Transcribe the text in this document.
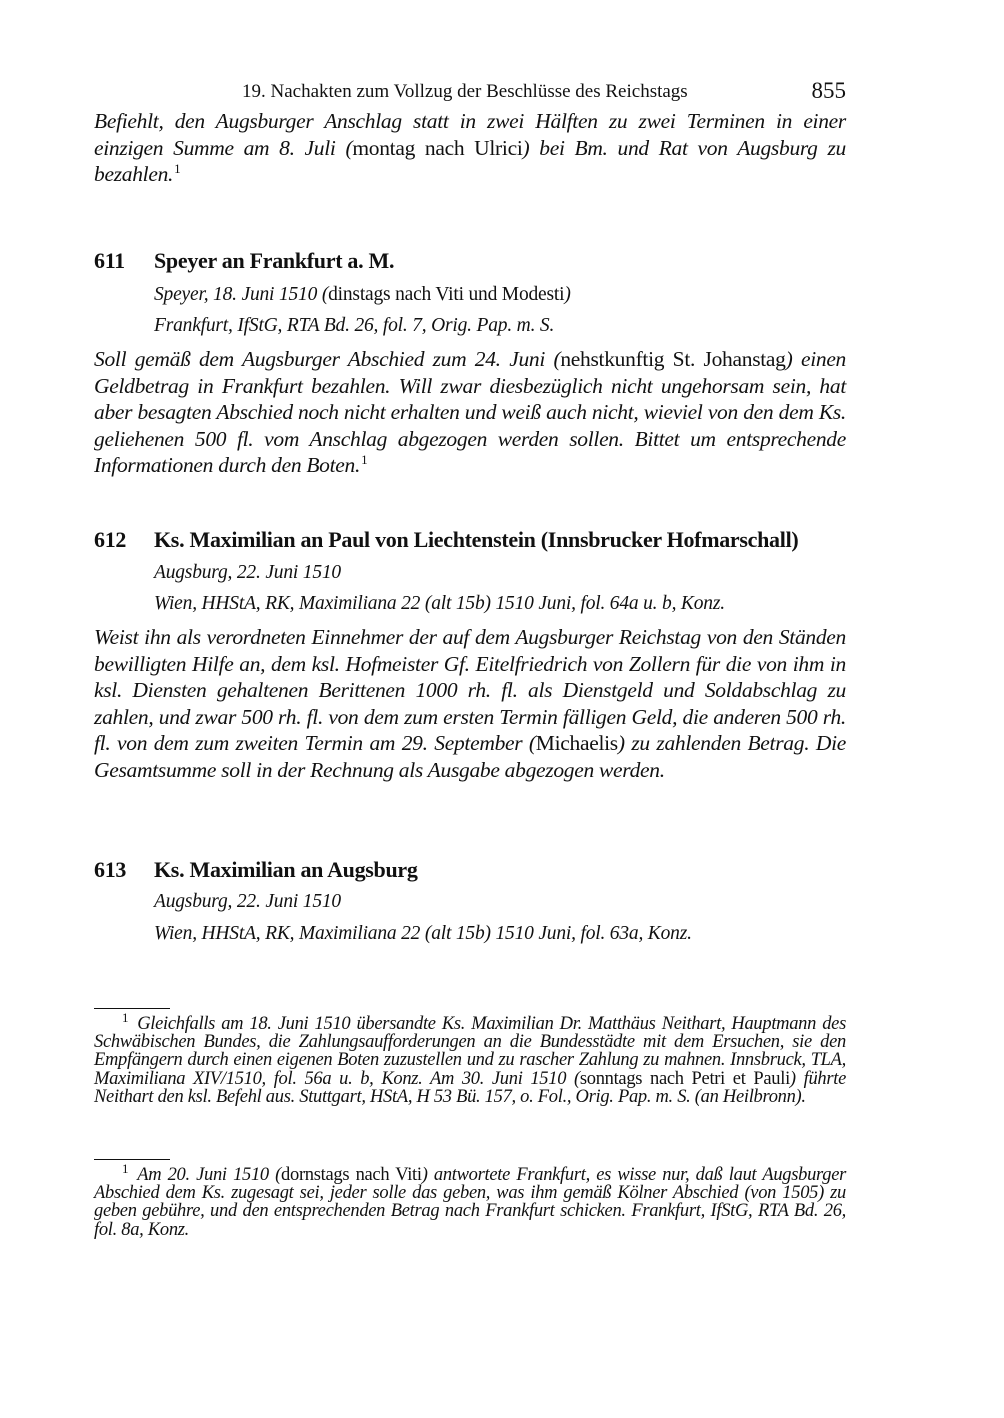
19. Nachakten zum Vollzug der Beschlüsse des Reichstags	855

Befiehlt, den Augsburger Anschlag statt in zwei Hälften zu zwei Terminen in einer einzigen Summe am 8. Juli (montag nach Ulrici) bei Bm. und Rat von Augsburg zu bezahlen.$^1$

611 Speyer an Frankfurt a. M.
Speyer, 18. Juni 1510 (dinstags nach Viti und Modesti)
Frankfurt, IfStG, RTA Bd. 26, fol. 7, Orig. Pap. m. S.

Soll gemäß dem Augsburger Abschied zum 24. Juni (nehstkunftig St. Johanstag) einen Geldbetrag in Frankfurt bezahlen. Will zwar diesbezüglich nicht ungehorsam sein, hat aber besagten Abschied noch nicht erhalten und weiß auch nicht, wieviel von den dem Ks. geliehenen 500 fl. vom Anschlag abgezogen werden sollen. Bittet um entsprechende Informationen durch den Boten.$^1$

612 Ks. Maximilian an Paul von Liechtenstein (Innsbrucker Hofmarschall)
Augsburg, 22. Juni 1510
Wien, HHStA, RK, Maximiliana 22 (alt 15b) 1510 Juni, fol. 64a u. b, Konz.

Weist ihn als verordneten Einnehmer der auf dem Augsburger Reichstag von den Ständen bewilligten Hilfe an, dem ksl. Hofmeister Gf. Eitelfriedrich von Zollern für die von ihm in ksl. Diensten gehaltenen Berittenen 1000 rh. fl. als Dienstgeld und Soldabschlag zu zahlen, und zwar 500 rh. fl. von dem zum ersten Termin fälligen Geld, die anderen 500 rh. fl. von dem zum zweiten Termin am 29. September (Michaelis) zu zahlenden Betrag. Die Gesamtsumme soll in der Rechnung als Ausgabe abgezogen werden.

613 Ks. Maximilian an Augsburg
Augsburg, 22. Juni 1510
Wien, HHStA, RK, Maximiliana 22 (alt 15b) 1510 Juni, fol. 63a, Konz.

$^1$ Gleichfalls am 18. Juni 1510 übersandte Ks. Maximilian Dr. Matthäus Neithart, Hauptmann des Schwäbischen Bundes, die Zahlungsaufforderungen an die Bundesstädte mit dem Ersuchen, sie den Empfängern durch einen eigenen Boten zuzustellen und zu rascher Zahlung zu mahnen. Innsbruck, TLA, Maximiliana XIV/1510, fol. 56a u. b, Konz. Am 30. Juni 1510 (sonntags nach Petri et Pauli) führte Neithart den ksl. Befehl aus. Stuttgart, HStA, H 53 Bü. 157, o. Fol., Orig. Pap. m. S. (an Heilbronn).

$^1$ Am 20. Juni 1510 (dornstags nach Viti) antwortete Frankfurt, es wisse nur, daß laut Augsburger Abschied dem Ks. zugesagt sei, jeder solle das geben, was ihm gemäß Kölner Abschied (von 1505) zu geben gebühre, und den entsprechenden Betrag nach Frankfurt schicken. Frankfurt, IfStG, RTA Bd. 26, fol. 8a, Konz.
